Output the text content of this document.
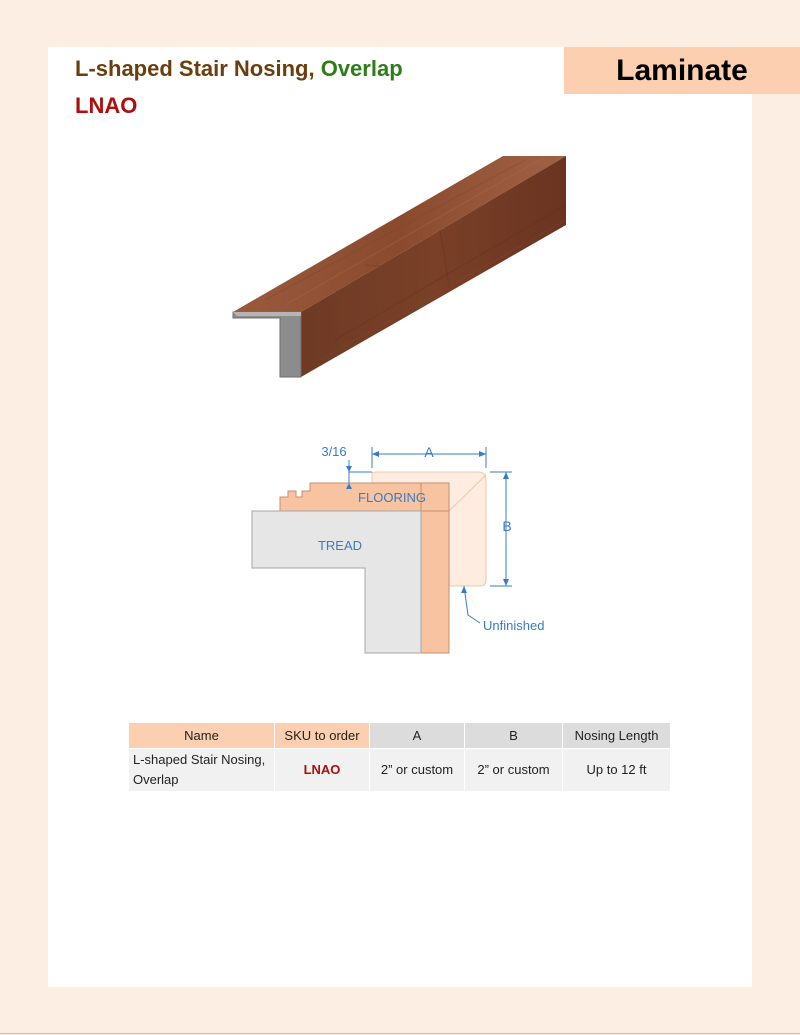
L-shaped Stair Nosing, Overlap
LNAO
Laminate
A
B
3/16
FLOORING
TREAD
Unfinished
Name	SKU to order	A	B	Nosing Length
L-shaped Stair Nosing, Overlap	LNAO	2” or custom	2” or custom	Up to 12 ft
